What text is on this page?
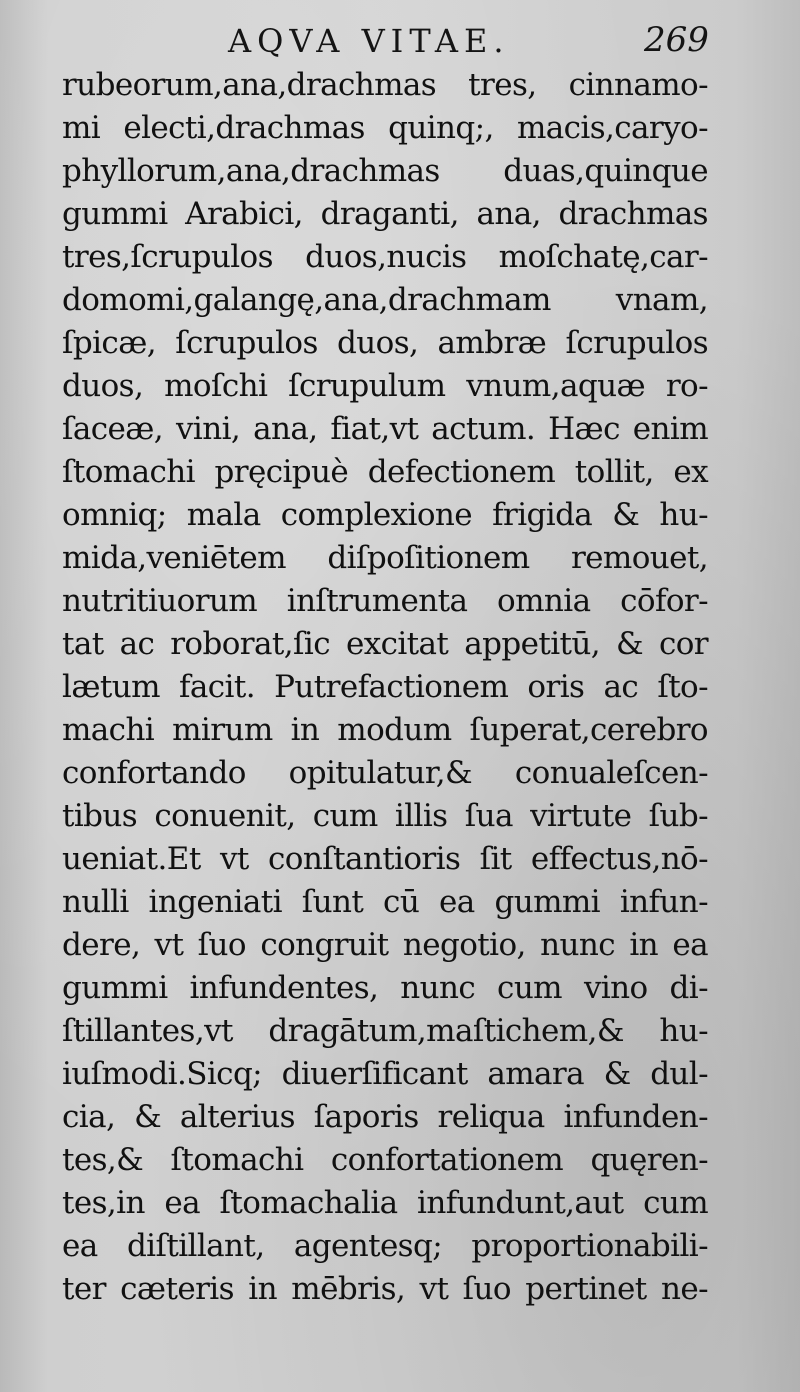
AQVA VITAE.	269
rubeorum,ana,drachmas tres, cinnamo-
mi electi,drachmas quinq;, macis,caryo-
phyllorum,ana,drachmas duas,quinque
gummi Arabici, draganti, ana, drachmas
tres,ſcrupulos duos,nucis moſchatę,car-
domomi,galangę,ana,drachmam vnam,
ſpicæ, ſcrupulos duos, ambræ ſcrupulos
duos, moſchi ſcrupulum vnum,aquæ ro-
ſaceæ, vini, ana, fiat,vt actum. Hæc enim
ſtomachi pręcipuè defectionem tollit, ex
omniq; mala complexione frigida & hu-
mida,veniētem diſpoſitionem remouet,
nutritiuorum inſtrumenta omnia cōfor-
tat ac roborat,ſic excitat appetitū, & cor
lætum facit. Putrefactionem oris ac ſto-
machi mirum in modum ſuperat,cerebro
confortando opitulatur,& conualeſcen-
tibus conuenit, cum illis ſua virtute ſub-
ueniat.Et vt conſtantioris ſit effectus,nō-
nulli ingeniati ſunt cū ea gummi infun-
dere, vt ſuo congruit negotio, nunc in ea
gummi infundentes, nunc cum vino di-
ſtillantes,vt dragātum,maſtichem,& hu-
iuſmodi.Sicq; diuerſificant amara & dul-
cia, & alterius ſaporis reliqua infunden-
tes,& ſtomachi confortationem quęren-
tes,in ea ſtomachalia infundunt,aut cum
ea diſtillant, agentesq; proportionabili-
ter cæteris in mēbris, vt ſuo pertinet ne-
